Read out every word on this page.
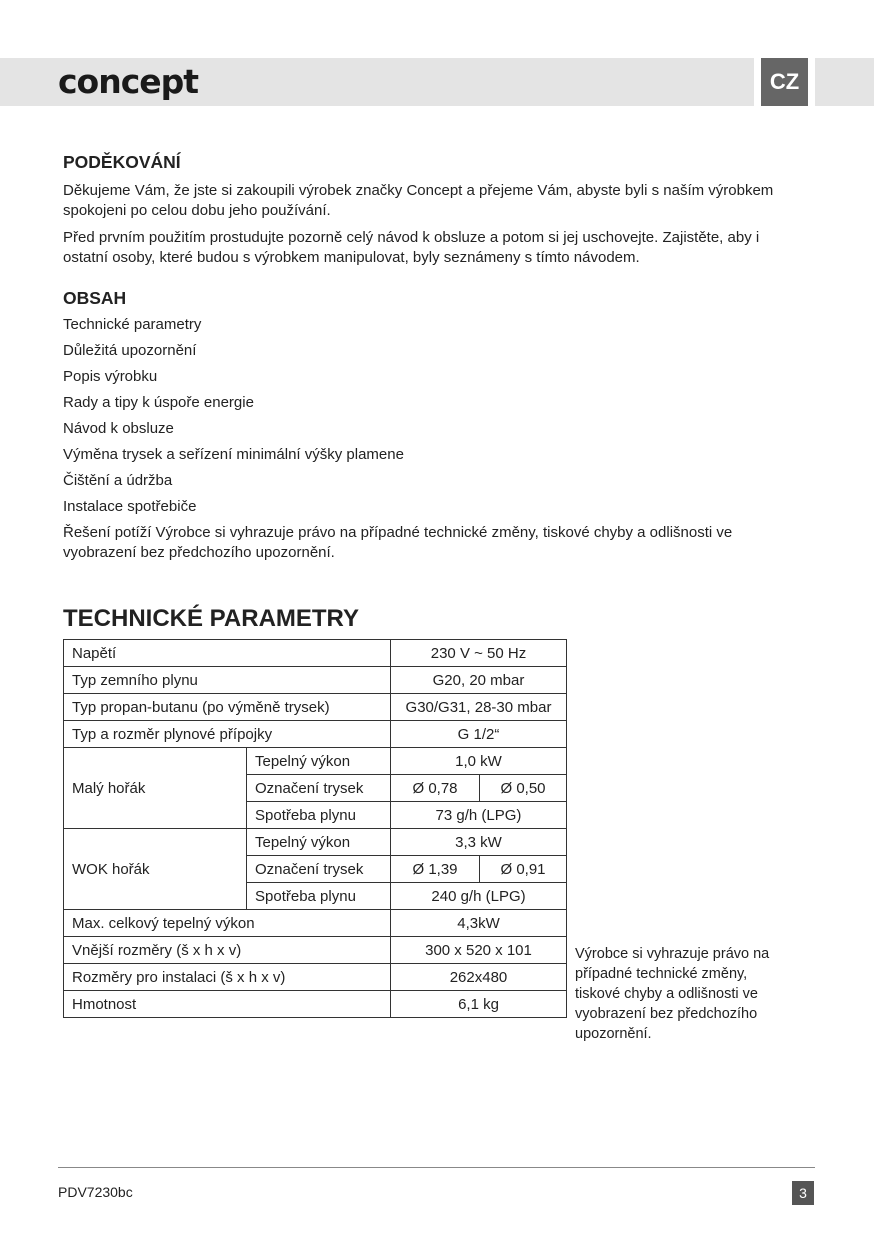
concept	CZ
PODĚKOVÁNÍ
Děkujeme Vám, že jste si zakoupili výrobek značky Concept a přejeme Vám, abyste byli s naším výrobkem spokojeni po celou dobu jeho používání.
Před prvním použitím prostudujte pozorně celý návod k obsluze a potom si jej uschovejte. Zajistěte, aby i ostatní osoby, které budou s výrobkem manipulovat, byly seznámeny s tímto návodem.
OBSAH
Technické parametry
Důležitá upozornění
Popis výrobku
Rady a tipy k úspoře energie
Návod k obsluze
Výměna trysek a seřízení minimální výšky plamene
Čištění a údržba
Instalace spotřebiče
Řešení potíží Výrobce si vyhrazuje právo na případné technické změny, tiskové chyby a odlišnosti ve vyobrazení bez předchozího upozornění.
TECHNICKÉ PARAMETRY
Napětí		230 V ~ 50 Hz	
Typ zemního plynu		G20, 20 mbar	
Typ propan-butanu (po výměně trysek)		G30/G31, 28-30 mbar	
Typ a rozměr plynové přípojky		G 1/2“	
Malý hořák	Tepelný výkon	1,0 kW	
	Označení trysek	Ø 0,78	Ø 0,50
	Spotřeba plynu	73 g/h (LPG)	
WOK hořák	Tepelný výkon	3,3 kW	
	Označení trysek	Ø 1,39	Ø 0,91
	Spotřeba plynu	240 g/h (LPG)	
Max. celkový tepelný výkon		4,3kW	
Vnější rozměry (š x h x v)		300 x 520 x 101	
Rozměry pro instalaci (š x h x v)		262x480	
Hmotnost		6,1 kg	
Výrobce si vyhrazuje právo na případné technické změny, tiskové chyby a odlišnosti ve vyobrazení bez předchozího upozornění.
PDV7230bc	3
